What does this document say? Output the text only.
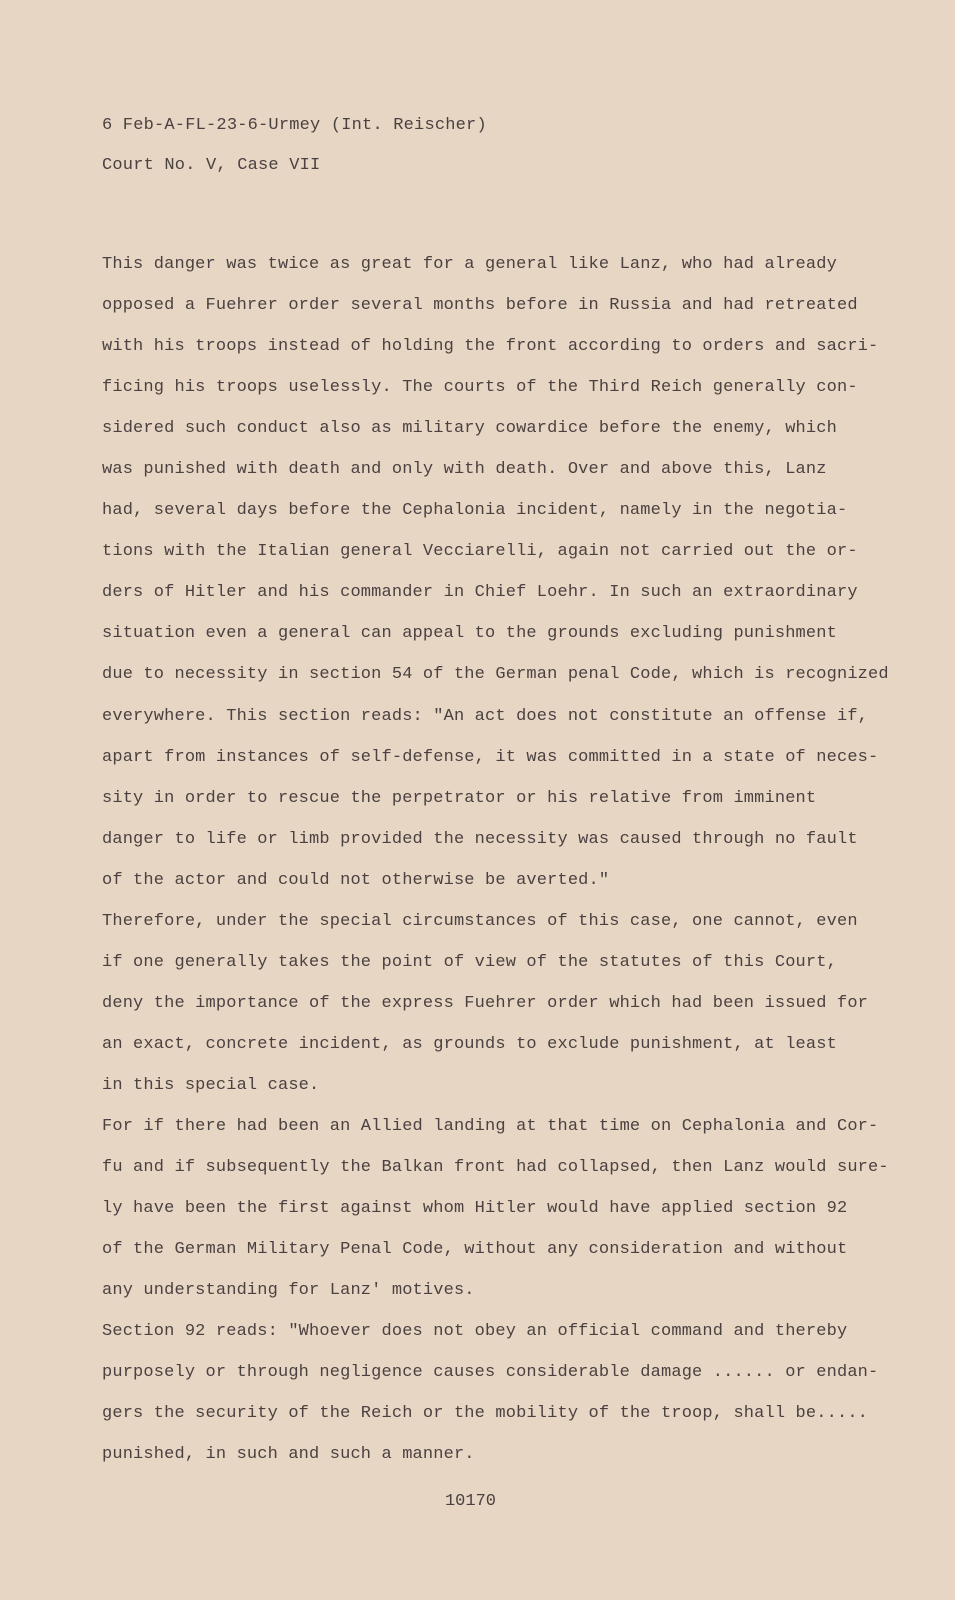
6 Feb-A-FL-23-6-Urmey (Int. Reischer)
Court No. V, Case VII
This danger was twice as great for a general like Lanz, who had already
opposed a Fuehrer order several months before in Russia and had retreated
with his troops instead of holding the front according to orders and sacri-
ficing his troops uselessly. The courts of the Third Reich generally con-
sidered such conduct also as military cowardice before the enemy, which
was punished with death and only with death. Over and above this, Lanz
had, several days before the Cephalonia incident, namely in the negotia-
tions with the Italian general Vecciarelli, again not carried out the or-
ders of Hitler and his commander in Chief Loehr. In such an extraordinary
situation even a general can appeal to the grounds excluding punishment
due to necessity in section 54 of the German penal Code, which is recognized
everywhere. This section reads: "An act does not constitute an offense if,
apart from instances of self-defense, it was committed in a state of neces-
sity in order to rescue the perpetrator or his relative from imminent
danger to life or limb provided the necessity was caused through no fault
of the actor and could not otherwise be averted."
Therefore, under the special circumstances of this case, one cannot, even
if one generally takes the point of view of the statutes of this Court,
deny the importance of the express Fuehrer order which had been issued for
an exact, concrete incident, as grounds to exclude punishment, at least
in this special case.
For if there had been an Allied landing at that time on Cephalonia and Cor-
fu and if subsequently the Balkan front had collapsed, then Lanz would sure-
ly have been the first against whom Hitler would have applied section 92
of the German Military Penal Code, without any consideration and without
any understanding for Lanz' motives.
Section 92 reads: "Whoever does not obey an official command and thereby
purposely or through negligence causes considerable damage ...... or endan-
gers the security of the Reich or the mobility of the troop, shall be.....
punished, in such and such a manner.
10170
